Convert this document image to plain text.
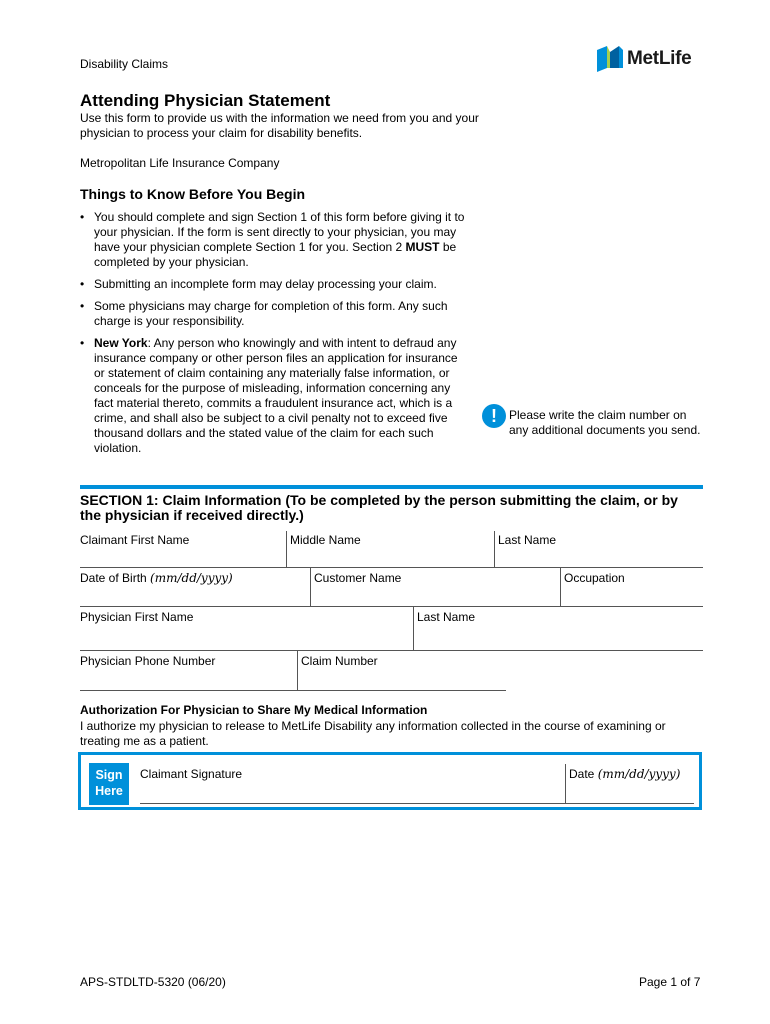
Disability Claims	MetLife
Attending Physician Statement
Use this form to provide us with the information we need from you and your physician to process your claim for disability benefits.
Metropolitan Life Insurance Company
Things to Know Before You Begin
• You should complete and sign Section 1 of this form before giving it to your physician. If the form is sent directly to your physician, you may have your physician complete Section 1 for you. Section 2 MUST be completed by your physician.
• Submitting an incomplete form may delay processing your claim.
• Some physicians may charge for completion of this form. Any such charge is your responsibility.
• New York: Any person who knowingly and with intent to defraud any insurance company or other person files an application for insurance or statement of claim containing any materially false information, or conceals for the purpose of misleading, information concerning any fact material thereto, commits a fraudulent insurance act, which is a crime, and shall also be subject to a civil penalty not to exceed five thousand dollars and the stated value of the claim for each such violation.
!	Please write the claim number on any additional documents you send.
SECTION 1: Claim Information (To be completed by the person submitting the claim, or by the physician if received directly.)
Claimant First Name	Middle Name	Last Name
Date of Birth (mm/dd/yyyy)	Customer Name	Occupation
Physician First Name	Last Name
Physician Phone Number	Claim Number
Authorization For Physician to Share My Medical Information
I authorize my physician to release to MetLife Disability any information collected in the course of examining or treating me as a patient.
Sign
Here
Claimant Signature	Date (mm/dd/yyyy)
APS-STDLTD-5320 (06/20)	Page 1 of 7
